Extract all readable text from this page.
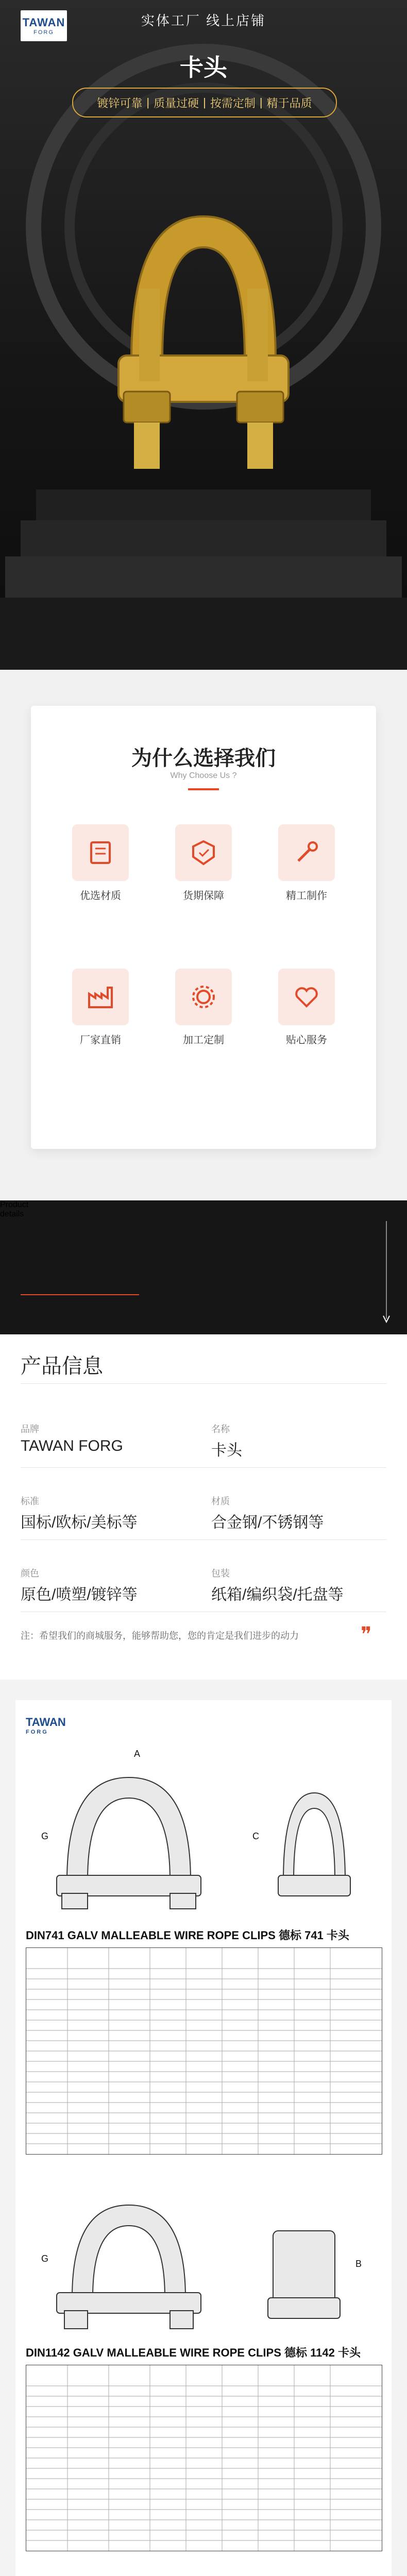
TAWAN
FORG
实体工厂 线上店铺
卡头
镀锌可靠 | 质量过硬 | 按需定制 | 精于品质
为什么选择我们
Why Choose Us ?
优选材质	货期保障	精工制作
厂家直销	加工定制	贴心服务
Product
details
产品信息
品牌
TAWAN FORG
名称
卡头
标准
国标/欧标/美标等
材质
合金钢/不锈钢等
颜色
原色/喷塑/镀锌等
包装
纸箱/编织袋/托盘等
注：希望我们的商城服务，能够帮助您，您的肯定是我们进步的动力	❞
TAWAN
FORG
G
A
C
DIN741 GALV MALLEABLE WIRE ROPE CLIPS 德标 741 卡头
G	B
DIN1142 GALV MALLEABLE WIRE ROPE CLIPS 德标 1142 卡头
